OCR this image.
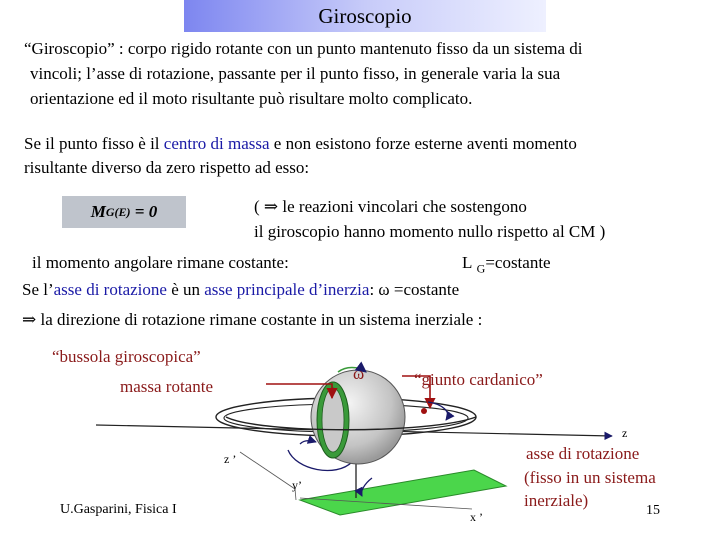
Giroscopio
“Giroscopio” : corpo rigido rotante con un punto mantenuto fisso da un sistema di
vincoli; l’asse di rotazione, passante per il punto fisso, in generale varia la sua
orientazione ed il moto risultante può risultare molto complicato.
Se il punto fisso è il centro di massa e non esistono forze esterne aventi momento
risultante diverso da zero rispetto ad esso:
M G (E)
= 0	( ⇒ le reazioni vincolari che sostengono
il giroscopio hanno momento nullo rispetto al CM )
il momento angolare rimane costante:	L $_G$=costante
Se l’asse di rotazione è un asse principale d’inerzia: ω =costante
⇒ la direzione di rotazione rimane costante in un sistema inerziale :
“bussola giroscopica”
massa rotante
ω	“giunto cardanico”
z
z ’
y’
x ’
asse di rotazione
(fisso in un sistema
inerziale)
U.Gasparini, Fisica I	15
